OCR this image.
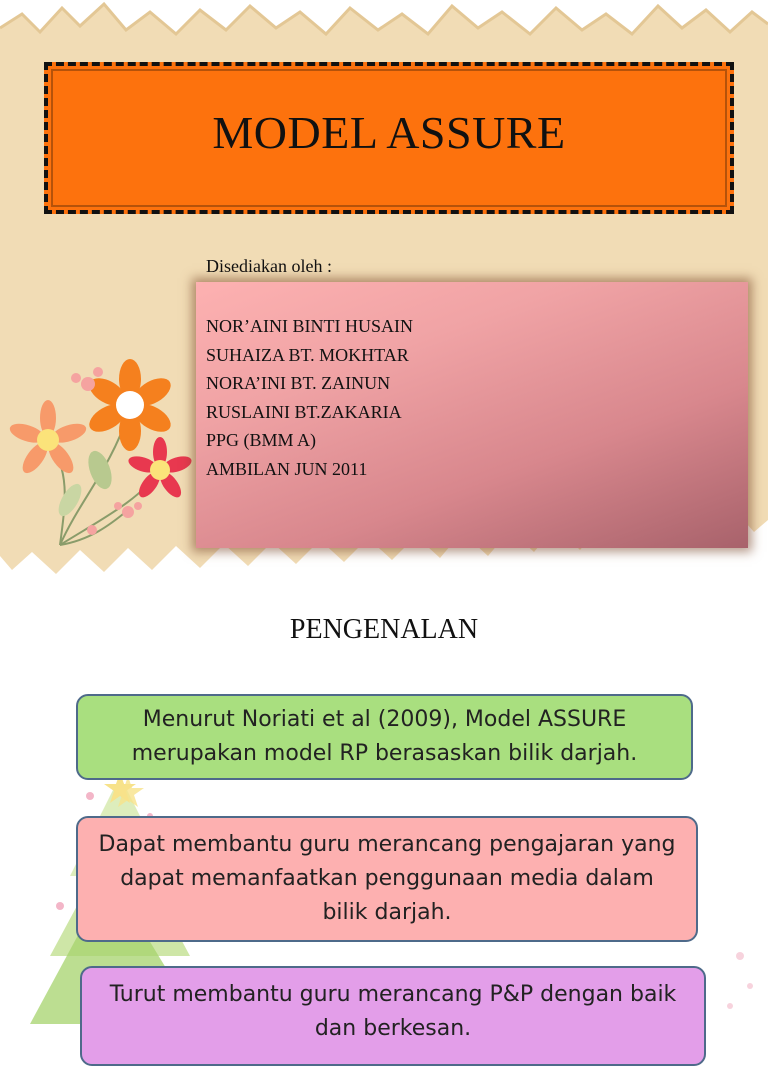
MODEL ASSURE
Disediakan oleh :
NOR’AINI BINTI HUSAIN
SUHAIZA BT. MOKHTAR
NORA’INI BT. ZAINUN
RUSLAINI BT.ZAKARIA
PPG (BMM A)
AMBILAN JUN 2011
PENGENALAN
Menurut Noriati et al (2009), Model ASSURE merupakan model RP berasaskan bilik darjah.
Dapat membantu guru merancang pengajaran yang dapat memanfaatkan penggunaan media dalam bilik darjah.
Turut membantu guru merancang P&P dengan baik dan berkesan.
